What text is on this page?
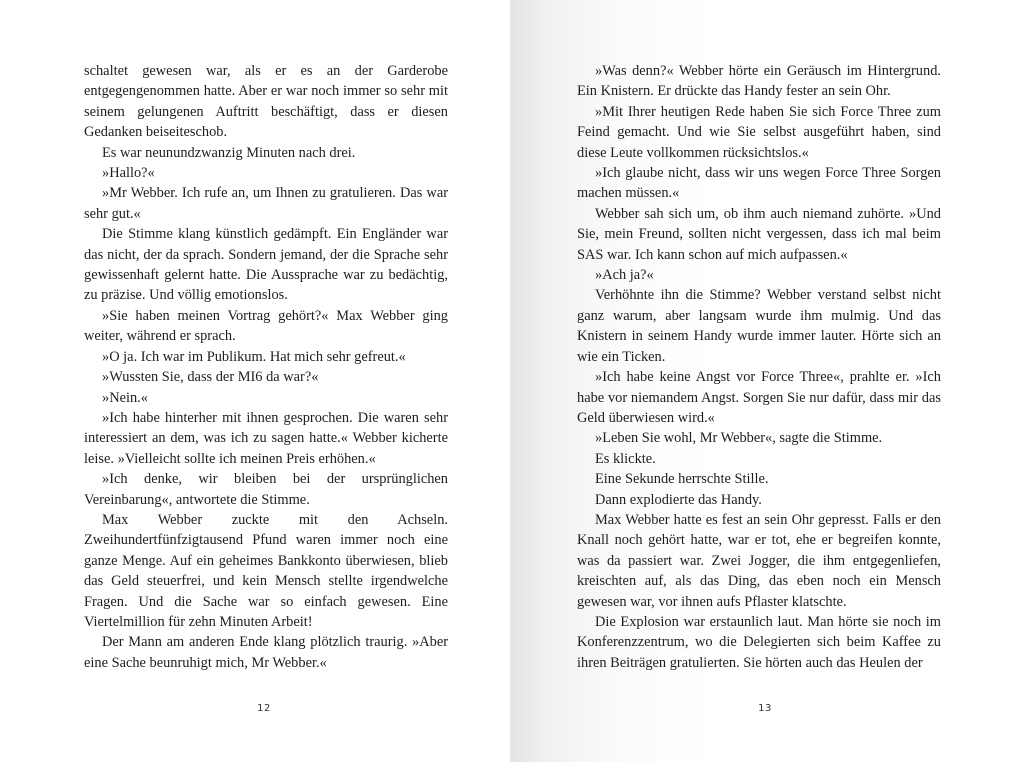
schaltet gewesen war, als er es an der Garderobe entgegengenommen hatte. Aber er war noch immer so sehr mit seinem gelungenen Auftritt beschäftigt, dass er diesen Gedanken beiseiteschob.

Es war neunundzwanzig Minuten nach drei.

»Hallo?«

»Mr Webber. Ich rufe an, um Ihnen zu gratulieren. Das war sehr gut.«

Die Stimme klang künstlich gedämpft. Ein Engländer war das nicht, der da sprach. Sondern jemand, der die Sprache sehr gewissenhaft gelernt hatte. Die Aussprache war zu bedächtig, zu präzise. Und völlig emotionslos.

»Sie haben meinen Vortrag gehört?« Max Webber ging weiter, während er sprach.

»O ja. Ich war im Publikum. Hat mich sehr gefreut.«

»Wussten Sie, dass der MI6 da war?«

»Nein.«

»Ich habe hinterher mit ihnen gesprochen. Die waren sehr interessiert an dem, was ich zu sagen hatte.« Webber kicherte leise. »Vielleicht sollte ich meinen Preis erhöhen.«

»Ich denke, wir bleiben bei der ursprünglichen Vereinbarung«, antwortete die Stimme.

Max Webber zuckte mit den Achseln. Zweihundertfünfzigtausend Pfund waren immer noch eine ganze Menge. Auf ein geheimes Bankkonto überwiesen, blieb das Geld steuerfrei, und kein Mensch stellte irgendwelche Fragen. Und die Sache war so einfach gewesen. Eine Viertelmillion für zehn Minuten Arbeit!

Der Mann am anderen Ende klang plötzlich traurig. »Aber eine Sache beunruhigt mich, Mr Webber.«

12

»Was denn?« Webber hörte ein Geräusch im Hintergrund. Ein Knistern. Er drückte das Handy fester an sein Ohr.

»Mit Ihrer heutigen Rede haben Sie sich Force Three zum Feind gemacht. Und wie Sie selbst ausgeführt haben, sind diese Leute vollkommen rücksichtslos.«

»Ich glaube nicht, dass wir uns wegen Force Three Sorgen machen müssen.«

Webber sah sich um, ob ihm auch niemand zuhörte. »Und Sie, mein Freund, sollten nicht vergessen, dass ich mal beim SAS war. Ich kann schon auf mich aufpassen.«

»Ach ja?«

Verhöhnte ihn die Stimme? Webber verstand selbst nicht ganz warum, aber langsam wurde ihm mulmig. Und das Knistern in seinem Handy wurde immer lauter. Hörte sich an wie ein Ticken.

»Ich habe keine Angst vor Force Three«, prahlte er. »Ich habe vor niemandem Angst. Sorgen Sie nur dafür, dass mir das Geld überwiesen wird.«

»Leben Sie wohl, Mr Webber«, sagte die Stimme.

Es klickte.

Eine Sekunde herrschte Stille.

Dann explodierte das Handy.

Max Webber hatte es fest an sein Ohr gepresst. Falls er den Knall noch gehört hatte, war er tot, ehe er begreifen konnte, was da passiert war. Zwei Jogger, die ihm entgegenliefen, kreischten auf, als das Ding, das eben noch ein Mensch gewesen war, vor ihnen aufs Pflaster klatschte.

Die Explosion war erstaunlich laut. Man hörte sie noch im Konferenzzentrum, wo die Delegierten sich beim Kaffee zu ihren Beiträgen gratulierten. Sie hörten auch das Heulen der

13
